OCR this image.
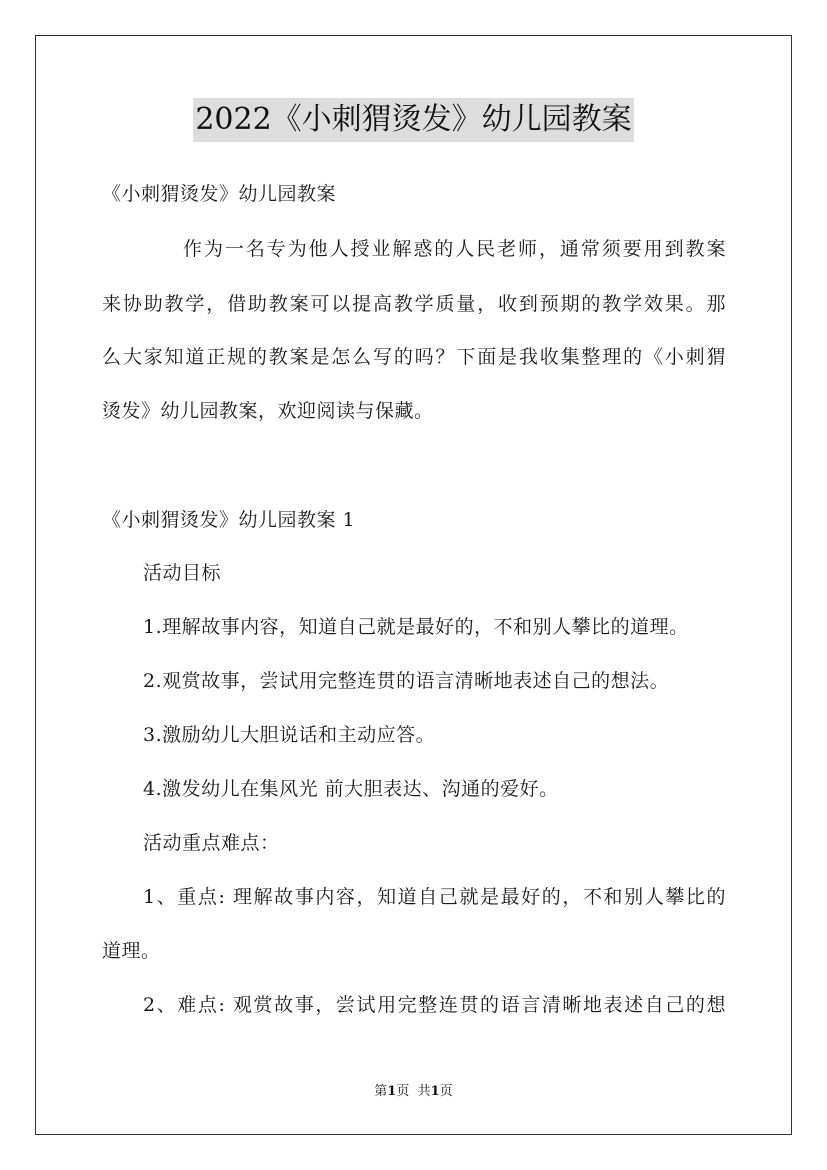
2022《小刺猬烫发》幼儿园教案
《小刺猬烫发》幼儿园教案
作为一名专为他人授业解惑的人民老师，通常须要用到教案
来协助教学，借助教案可以提高教学质量，收到预期的教学效果。那
么大家知道正规的教案是怎么写的吗？下面是我收集整理的《小刺猬
烫发》幼儿园教案，欢迎阅读与保藏。
《小刺猬烫发》幼儿园教案 1
活动目标
1.理解故事内容，知道自己就是最好的，不和别人攀比的道理。
2.观赏故事，尝试用完整连贯的语言清晰地表述自己的想法。
3.激励幼儿大胆说话和主动应答。
4.激发幼儿在集风光 前大胆表达、沟通的爱好。
活动重点难点：
1、重点: 理解故事内容，知道自己就是最好的，不和别人攀比的
道理。
2、难点: 观赏故事，尝试用完整连贯的语言清晰地表述自己的想
第1页 共1页
